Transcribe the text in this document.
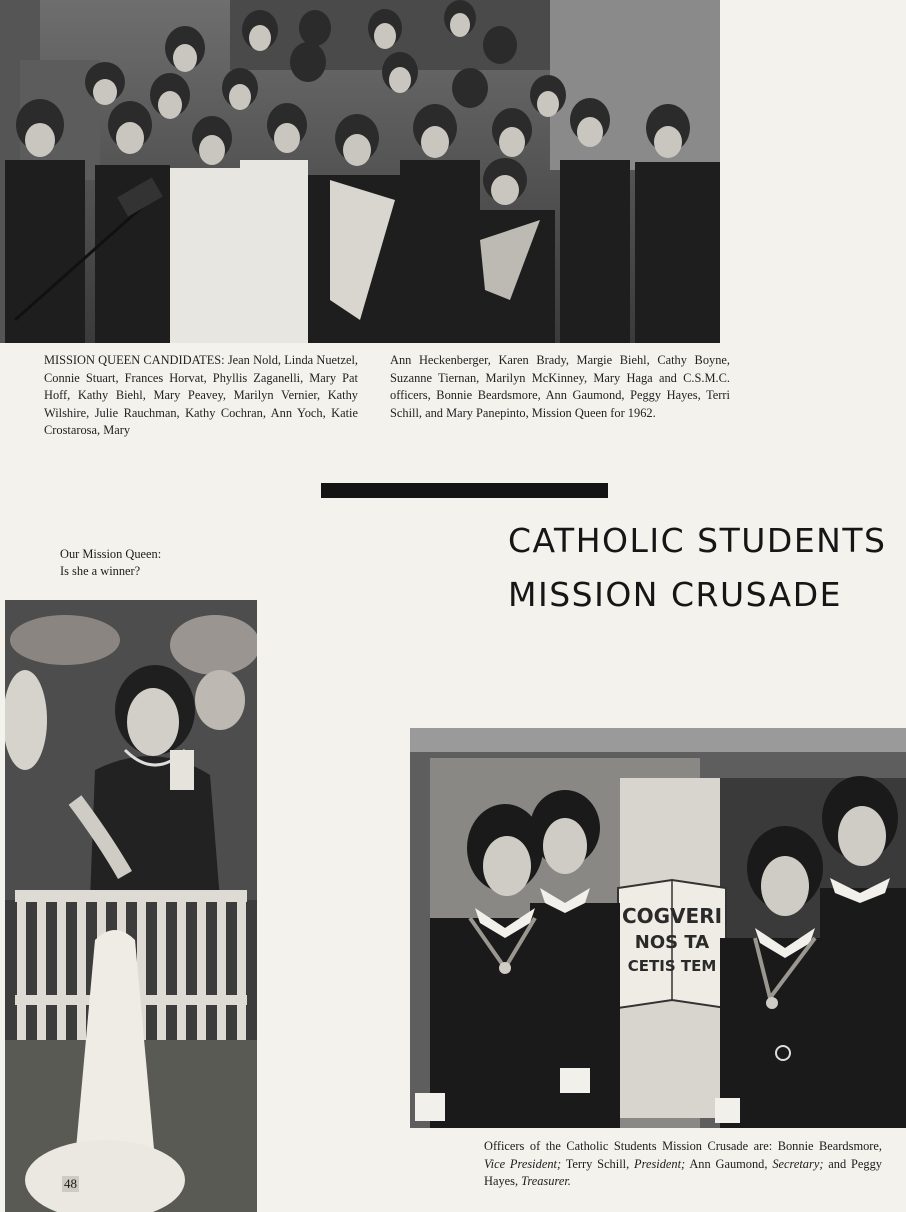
MISSION QUEEN CANDIDATES: Jean Nold, Linda Nuetzel, Connie Stuart, Frances Horvat, Phyllis Zaganelli, Mary Pat Hoff, Kathy Biehl, Mary Peavey, Marilyn Vernier, Kathy Wilshire, Julie Rauchman, Kathy Cochran, Ann Yoch, Katie Crostarosa, Mary
Ann Heckenberger, Karen Brady, Margie Biehl, Cathy Boyne, Suzanne Tiernan, Marilyn McKinney, Mary Haga and C.S.M.C. officers, Bonnie Beardsmore, Ann Gaumond, Peggy Hayes, Terri Schill, and Mary Panepinto, Mission Queen for 1962.
CATHOLIC STUDENTS
MISSION CRUSADE
Our Mission Queen:
Is she a winner?
48
COGVERI
NOS TA
CETIS TEM
Officers of the Catholic Students Mission Crusade are: Bonnie Beardsmore, Vice President; Terry Schill, President; Ann Gaumond, Secretary; and Peggy Hayes, Treasurer.
